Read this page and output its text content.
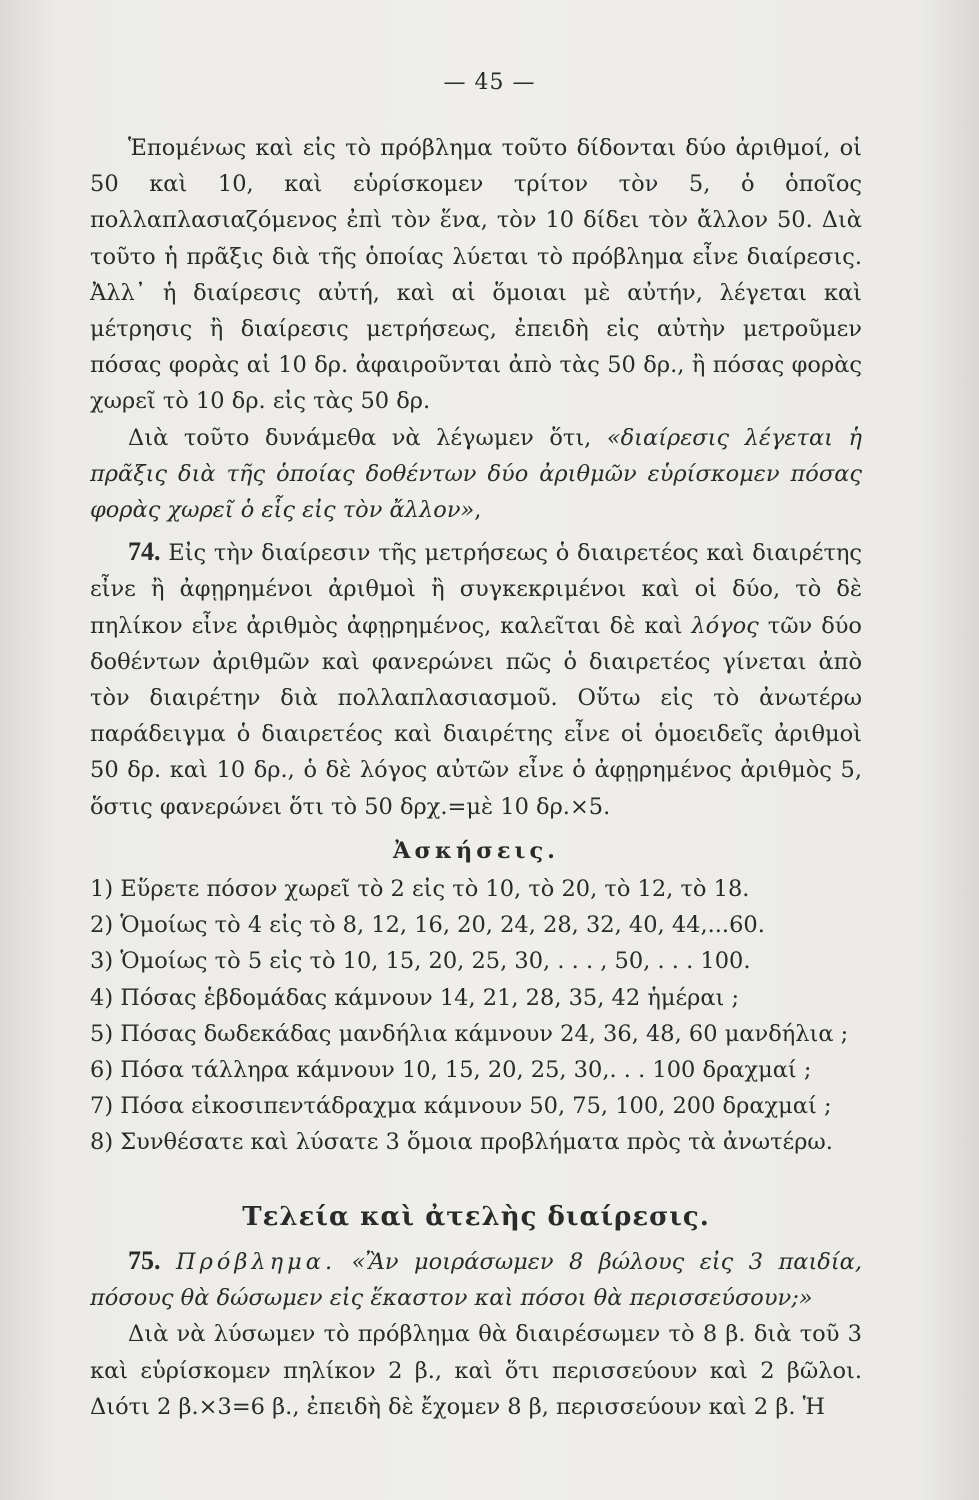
— 45 —

Ἑπομένως καὶ εἰς τὸ πρόβλημα τοῦτο δίδονται δύο ἀριθμοί, οἱ 50 καὶ 10, καὶ εὑρίσκομεν τρίτον τὸν 5, ὁ ὁποῖος πολλαπλασιαζόμενος ἐπὶ τὸν ἕνα, τὸν 10 δίδει τὸν ἄλλον 50. Διὰ τοῦτο ἡ πρᾶξις διὰ τῆς ὁποίας λύεται τὸ πρόβλημα εἶνε διαίρεσις. Ἀλλ᾽ ἡ διαίρεσις αὐτή, καὶ αἱ ὅμοιαι μὲ αὐτήν, λέγεται καὶ μέτρησις ἢ διαίρεσις μετρήσεως, ἐπειδὴ εἰς αὐτὴν μετροῦμεν πόσας φορὰς αἱ 10 δρ. ἀφαιροῦνται ἀπὸ τὰς 50 δρ., ἢ πόσας φορὰς χωρεῖ τὸ 10 δρ. εἰς τὰς 50 δρ.

Διὰ τοῦτο δυνάμεθα νὰ λέγωμεν ὅτι, «διαίρεσις λέγεται ἡ πρᾶξις διὰ τῆς ὁποίας δοθέντων δύο ἀριθμῶν εὑρίσκομεν πόσας φορὰς χωρεῖ ὁ εἷς εἰς τὸν ἄλλον»,

74. Εἰς τὴν διαίρεσιν τῆς μετρήσεως ὁ διαιρετέος καὶ διαιρέτης εἶνε ἢ ἀφῃρημένοι ἀριθμοὶ ἢ συγκεκριμένοι καὶ οἱ δύο, τὸ δὲ πηλίκον εἶνε ἀριθμὸς ἀφῃρημένος, καλεῖται δὲ καὶ λόγος τῶν δύο δοθέντων ἀριθμῶν καὶ φανερώνει πῶς ὁ διαιρετέος γίνεται ἀπὸ τὸν διαιρέτην διὰ πολλαπλασιασμοῦ. Οὕτω εἰς τὸ ἀνωτέρω παράδειγμα ὁ διαιρετέος καὶ διαιρέτης εἶνε οἱ ὁμοειδεῖς ἀριθμοὶ 50 δρ. καὶ 10 δρ., ὁ δὲ λόγος αὐτῶν εἶνε ὁ ἀφῃρημένος ἀριθμὸς 5, ὅστις φανερώνει ὅτι τὸ 50 δρχ.=μὲ 10 δρ.×5.

Ἀσκήσεις.

1) Εὕρετε πόσον χωρεῖ τὸ 2 εἰς τὸ 10, τὸ 20, τὸ 12, τὸ 18.
2) Ὁμοίως τὸ 4 εἰς τὸ 8, 12, 16, 20, 24, 28, 32, 40, 44,...60.
3) Ὁμοίως τὸ 5 εἰς τὸ 10, 15, 20, 25, 30, . . . , 50, . . . 100.
4) Πόσας ἑβδομάδας κάμνουν 14, 21, 28, 35, 42 ἡμέραι ;
5) Πόσας δωδεκάδας μανδήλια κάμνουν 24, 36, 48, 60 μανδήλια ;
6) Πόσα τάλληρα κάμνουν 10, 15, 20, 25, 30,. . . 100 δραχμαί ;
7) Πόσα εἰκοσιπεντάδραχμα κάμνουν 50, 75, 100, 200 δραχμαί ;
8) Συνθέσατε καὶ λύσατε 3 ὅμοια προβλήματα πρὸς τὰ ἀνωτέρω.

Τελεία καὶ ἀτελὴς διαίρεσις.

75. Πρόβλημα. «Ἂν μοιράσωμεν 8 βώλους εἰς 3 παιδία, πόσους θὰ δώσωμεν εἰς ἕκαστον καὶ πόσοι θὰ περισσεύσουν;»

Διὰ νὰ λύσωμεν τὸ πρόβλημα θὰ διαιρέσωμεν τὸ 8 β. διὰ τοῦ 3 καὶ εὑρίσκομεν πηλίκον 2 β., καὶ ὅτι περισσεύουν καὶ 2 βῶλοι. Διότι 2 β.×3=6 β., ἐπειδὴ δὲ ἔχομεν 8 β, περισσεύουν καὶ 2 β. Ἡ
